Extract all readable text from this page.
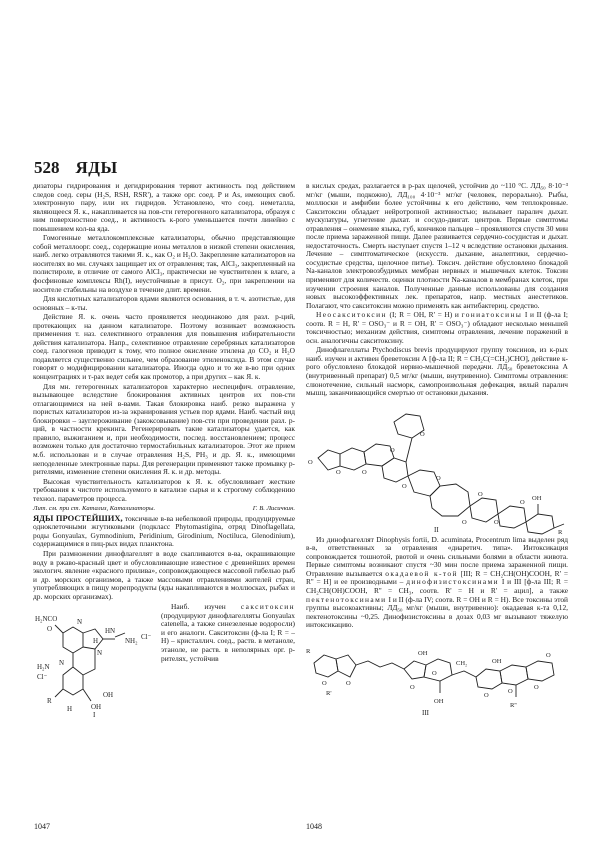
528 ЯДЫ

дизаторы гидрирования и дегидрирования теряют активность под действием следов соед. серы (H₂S, RSH, RSR'), а также орг. соед. P и As, имеющих своб. электронную пару, или их гидридов. Установлено, что соед. неметалла, являющееся Я. к., накапливается на пов-сти гетерогенного катализатора, образуя с ним поверхностное соед., и активность к-рого уменьшается почти линейно с повышением кол-ва яда.

Гомогенные металлокомплексные катализаторы, обычно представляющие собой металлоорг. соед., содержащие ионы металлов в низкой степени окисления, наиб. легко отравляются такими Я. к., как O₂ и H₂O. Закрепление катализаторов на носителях во мн. случаях защищает их от отравления; так, AlCl₃, закрепленный на полистироле, в отличие от самого AlCl₃, практически не чувствителен к влаге, а фосфиновые комплексы Rh(I), неустойчивые в присут. O₂, при закреплении на носителе стабильны на воздухе в течение длит. времени.

Для кислотных катализаторов ядами являются основания, в т. ч. азотистые, для основных – к-ты.

Действие Я. к. очень часто проявляется неодинаково для разл. р-ций, протекающих на данном катализаторе. Поэтому возникает возможность применения т. наз. селективного отравления для повышения избирательности действия катализатора. Напр., селективное отравление серебряных катализаторов соед. галогенов приводит к тому, что полное окисление этилена до CO₂ и H₂O подавляется существенно сильнее, чем образование этиленоксида. В этом случае говорят о модифицировании катализатора. Иногда одно и то же в-во при одних концентрациях и т-рах ведет себя как промотор, а при других – как Я. к.

Для мн. гетерогенных катализаторов характерно неспецифич. отравление, вызывающее вследствие блокирования активных центров их пов-сти отлагающимися на ней в-вами. Такая блокировка наиб. резко выражена у пористых катализаторов из-за экранирования устьев пор ядами. Наиб. частый вид блокировки – зауглероживание (закоксовывание) пов-сти при проведении разл. р-ций, в частности крекинга. Регенерировать такие катализаторы удается, как правило, выжиганием и, при необходимости, послед. восстановлением; процесс возможен только для достаточно термостабильных катализаторов. Этот же прием м.б. использован и в случае отравления H₂S, PH₃ и др. Я. к., имеющими неподеленные электронные пары. Для регенерации применяют также промывку р-рителями, изменение степени окисления Я. к. и др. методы.

Высокая чувствительность катализаторов к Я. к. обусловливает жесткие требования к чистоте используемого в катализе сырья и к строгому соблюдению технол. параметров процесса.

Лит. см. при ст. Катализ, Катализаторы.	Г. В. Лисичкин.

ЯДЫ ПРОСТЕЙШИХ, токсичные в-ва небелковой природы, продуцируемые одноклеточными жгутиковыми (подкласс Phytomastigina, отряд Dinoflagellata, роды Gonyaulax, Gymnodinium, Peridinium, Girodinium, Noctiluca, Glenodinium), содержащимися в пиц-рых видах планктона.

При размножении динофлагеллят в воде скапливаются в-ва, окрашивающие воду в ржаво-красный цвет и обусловливающие известное с древнейших времен экологич. явление «красного прилива», сопровождающееся массовой гибелью рыб и др. морских организмов, а также массовыми отравлениями жителей стран, употребляющих в пищу морепродукты (яды накапливаются в моллюсках, рыбах и др. морских организмах).

H₂NCO
O
N
HN
H
N
NH₂ Cl⁻
H₂N
Cl⁻
OH
R
OH
N
H
I

Наиб. изучен сакситоксин (продуцируют динофлагелляты Gonyaulax catenella, а также синезеленые водоросли) и его аналоги. Сакситоксин (ф-ла I; R = –H) – кристаллич. соед., раств. в метаноле, этаноле, не раств. в неполярных орг. р-рителях, устойчив

1047

в кислых средах, разлагается в р-рах щелочей, устойчив до ~110 °C. ЛД₅₀ 8·10⁻³ мг/кг (мыши, подкожно), ЛД₁₀₀ 4·10⁻³ мг/кг (человек, перорально). Рыбы, моллюски и амфибии более устойчивы к его действию, чем теплокровные. Сакситоксин обладает нейротропной активностью; вызывает паралич дыхат. мускулатуры, угнетение дыхат. и сосудо-двигат. центров. Первые симптомы отравления – онемение языка, губ, кончиков пальцев – проявляются спустя 30 мин после приема зараженной пищи. Далее развивается сердечно-сосудистая и дыхат. недостаточность. Смерть наступает спустя 1–12 ч вследствие остановки дыхания. Лечение – симптоматическое (искусств. дыхание, аналептики, сердечно-сосудистые средства, щелочное питье). Токсич. действие обусловлено блокадой Na-каналов электровозбудимых мембран нервных и мышечных клеток. Токсин применяют для количеств. оценки плотности Na-каналов в мембранах клеток, при изучении строения каналов. Полученные данные использованы для создания новых высокоэффективных лек. препаратов, напр. местных анестетиков. Полагают, что сакситоксин можно применять как антибактериц. средство.

Неосакситоксин (I; R = OH, R' = H) и гониатоксины I и II (ф-ла I; соотв. R = H, R' = OSO₃⁻ и R = OH, R' = OSO₃⁻) обладают несколько меньшей токсичностью; механизм действия, симптомы отравления, лечение поражений в осн. аналогичны сакситоксину.

Динофлагеллаты Ptychodiscus brevis продуцируют группу токсинов, из к-рых наиб. изучен и активен бреветоксин А [ф-ла II; R = CH₂C(=CH₂)CHO], действие к-рого обусловлено блокадой нервно-мышечной передачи. ЛД₅₀ бреветоксина А (внутривенный препарат) 0,5 мг/кг (мыши, внутривенно). Симптомы отравления: слюнотечение, сильный насморк, самопроизвольная дефекация, вялый паралич мышц, заканчивающийся смертью от остановки дыхания.

O
O	O
O
O
O
O
O
O
O
O
OH
R
II

Из динофлагеллят Dinophysis fortii, D. acuminata, Procentrum lima выделен ряд в-в, ответственных за отравления «диаретич. типа». Интоксикация сопровождается тошнотой, рвотой и очень сильными болями в области живота. Первые симптомы возникают спустя ~30 мин после приема зараженной пищи. Отравление вызывается окадаевой к-той [III; R = CH₂CH(OH)COOH, R' = R'' = H] и ее производными – динофизистоксинами I и III [ф-ла III; R = CH₂CH(OH)COOH, R'' = CH₃, соотв. R' = H и R' = ацил], а также пектенотоксинами I и II (ф-ла IV; соотв. R = OH и R = H). Все токсины этой группы высокоактивны; ЛД₅₀ мг/кг (мыши, внутривенно): окадаевая к-та 0,12, пектенотоксины ~0,25. Динофизистоксины в дозах 0,03 мг вызывают тяжелую интоксикацию.

R
O	O
O
OH
O
OH
CH₂
O
OH
O
O
R'
O
R''
III
1048
